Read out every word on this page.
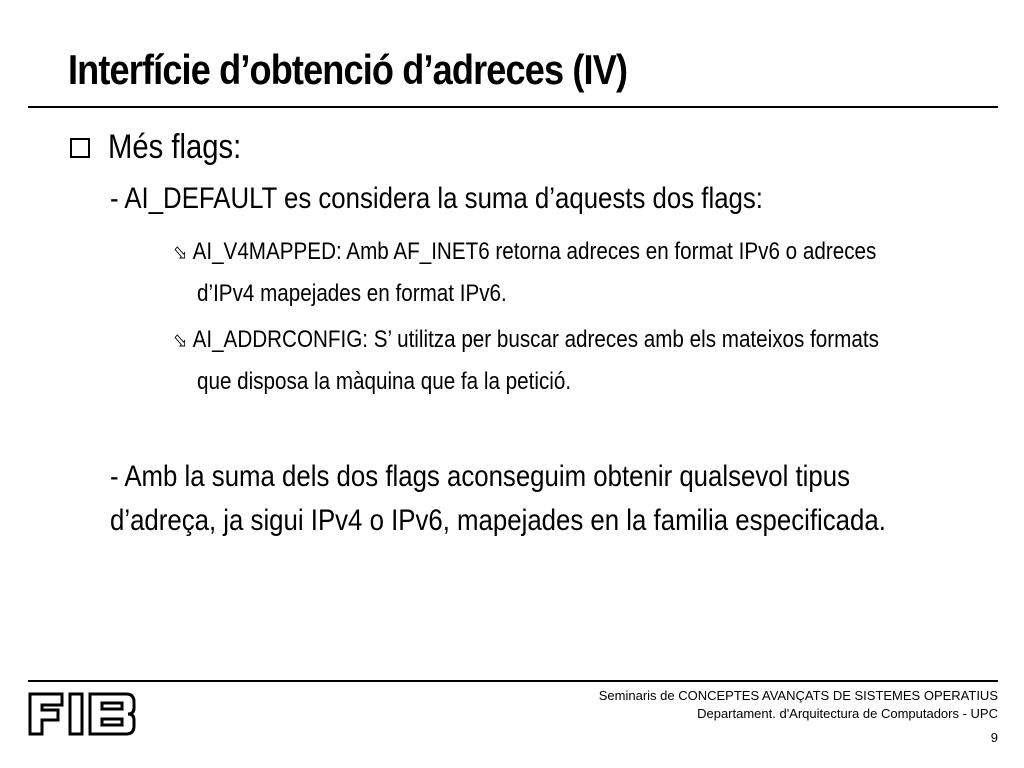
Interfície d’obtenció d’adreces (IV)
Més flags:
- AI_DEFAULT es considera la suma d’aquests dos flags:
⬂ AI_V4MAPPED: Amb AF_INET6 retorna adreces en format IPv6 o adreces
d’IPv4 mapejades en format IPv6.
⬂ AI_ADDRCONFIG: S’ utilitza per buscar adreces amb els mateixos formats
que disposa la màquina que fa la petició.
- Amb la suma dels dos flags aconseguim obtenir qualsevol tipus
d’adreça, ja sigui IPv4 o IPv6, mapejades en la familia especificada.
Seminaris de CONCEPTES AVANÇATS DE SISTEMES OPERATIUS
Departament. d'Arquitectura de Computadors - UPC
9
